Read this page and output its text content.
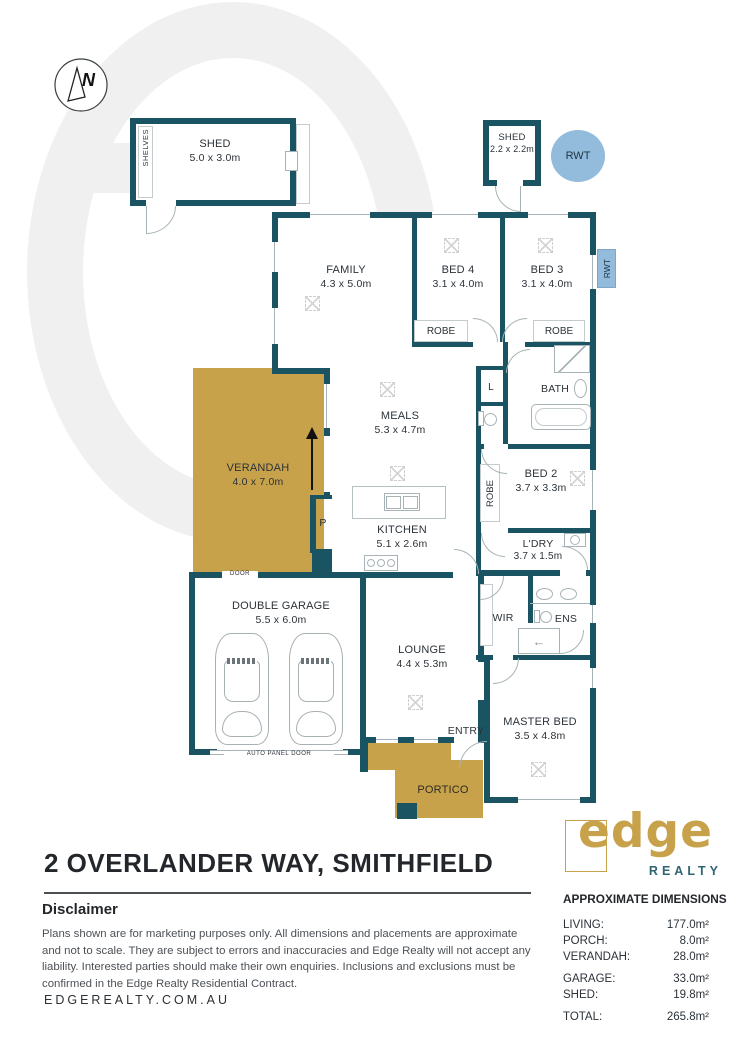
N
SHELVES	SHED
5.0 x 3.0m
SHED
2.2 x 2.2m
RWT
RWT
ROBE	ROBE
ROBE
←
FAMILY
4.3 x 5.0m
BED 4
3.1 x 4.0m
BED 3
3.1 x 4.0m
MEALS
5.3 x 4.7m
VERANDAH
4.0 x 7.0m
KITCHEN
5.1 x 2.6m
BED 2
3.7 x 3.3m
L'DRY
3.7 x 1.5m
DOUBLE GARAGE
5.5 x 6.0m
LOUNGE
4.4 x 5.3m
MASTER BED
3.5 x 4.8m
BATH
L
P
WIR	ENS
ENTRY
PORTICO
DOOR
AUTO PANEL DOOR
2 OVERLANDER WAY, SMITHFIELD
edge
REALTY
Disclaimer
Plans shown are for marketing purposes only. All dimensions and placements are approximate and not to scale. They are subject to errors and inaccuracies and Edge Realty will not accept any liability. Interested parties should make their own enquiries. Inclusions and exclusions must be confirmed in the Edge Realty Residential Contract.
EDGEREALTY.COM.AU
APPROXIMATE DIMENSIONS
LIVING:	177.0m²
PORCH:	8.0m²
VERANDAH:	28.0m²
GARAGE:	33.0m²
SHED:	19.8m²
TOTAL:	265.8m²
